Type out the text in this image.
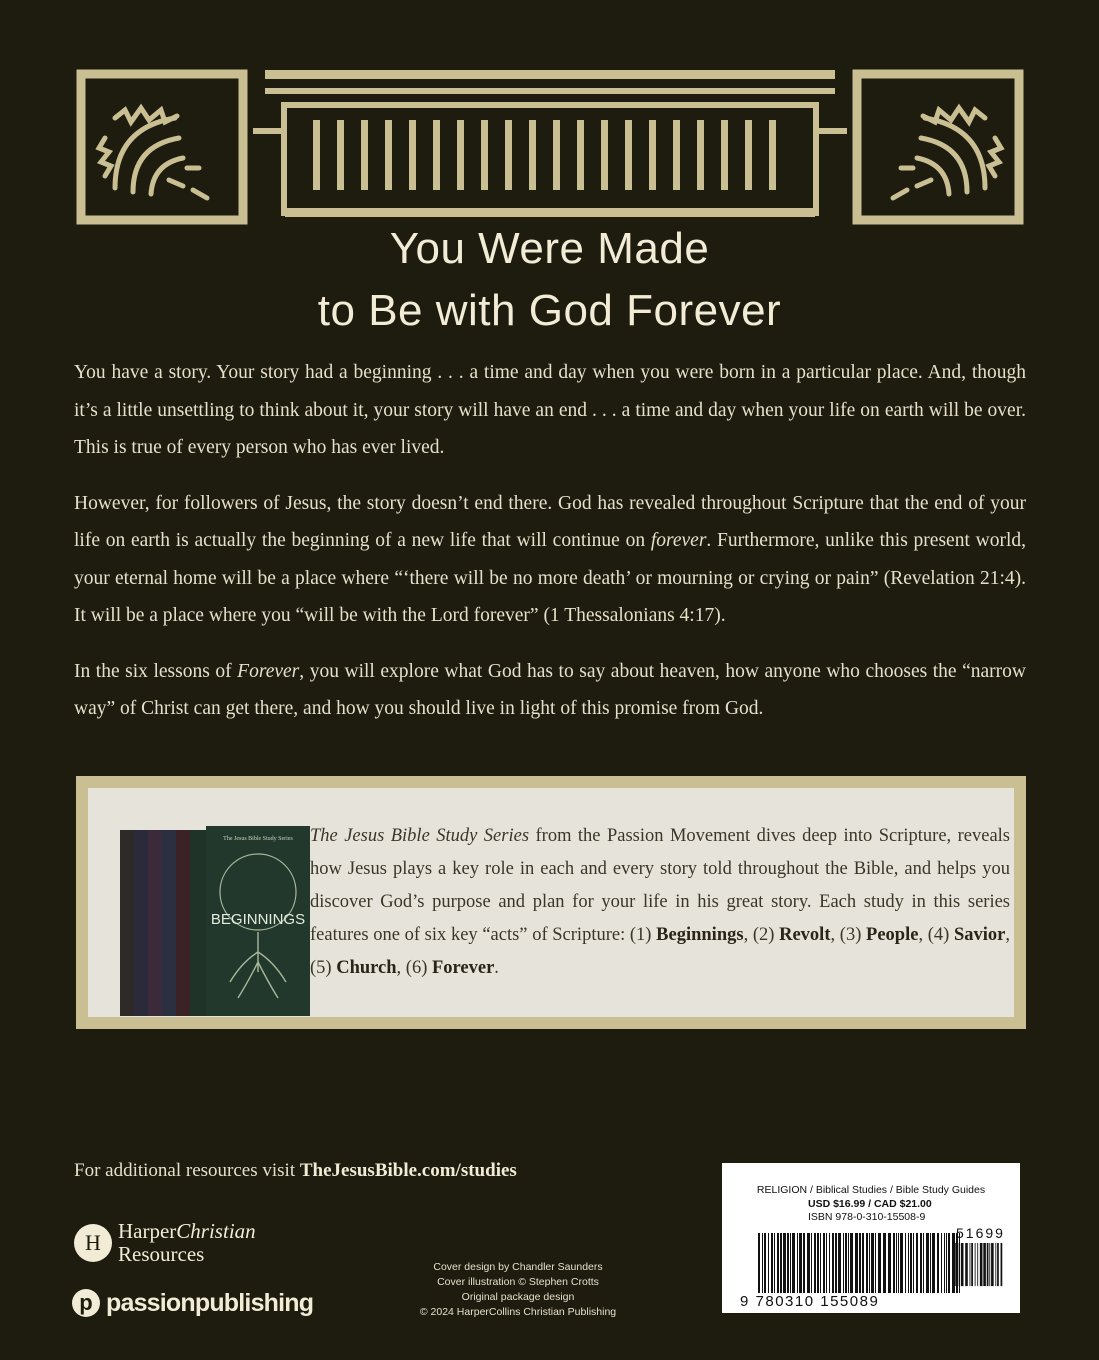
You Were Made
to Be with God Forever

You have a story. Your story had a beginning . . . a time and day when you were born in a particular place. And, though it’s a little unsettling to think about it, your story will have an end . . . a time and day when your life on earth will be over. This is true of every person who has ever lived.

However, for followers of Jesus, the story doesn’t end there. God has revealed throughout Scripture that the end of your life on earth is actually the beginning of a new life that will continue on forever. Furthermore, unlike this present world, your eternal home will be a place where “‘there will be no more death’ or mourning or crying or pain” (Revelation 21:4). It will be a place where you “will be with the Lord forever” (1 Thessalonians 4:17).

In the six lessons of Forever, you will explore what God has to say about heaven, how anyone who chooses the “narrow way” of Christ can get there, and how you should live in light of this promise from God.

The Jesus Bible Study Series
BEGINNINGS
The Jesus Bible Study Series from the Passion Movement dives deep into Scripture, reveals how Jesus plays a key role in each and every story told throughout the Bible, and helps you discover God’s purpose and plan for your life in his great story. Each study in this series features one of six key “acts” of Scripture: (1) Beginnings, (2) Revolt, (3) People, (4) Savior, (5) Church, (6) Forever.
For additional resources visit TheJesusBible.com/studies
H HarperChristian
Resources
p passionpublishing
Cover design by Chandler Saunders
Cover illustration © Stephen Crotts
Original package design
© 2024 HarperCollins Christian Publishing
RELIGION / Biblical Studies / Bible Study Guides
USD $16.99 / CAD $21.00
ISBN 978-0-310-15508-9
51699
9 780310 155089
